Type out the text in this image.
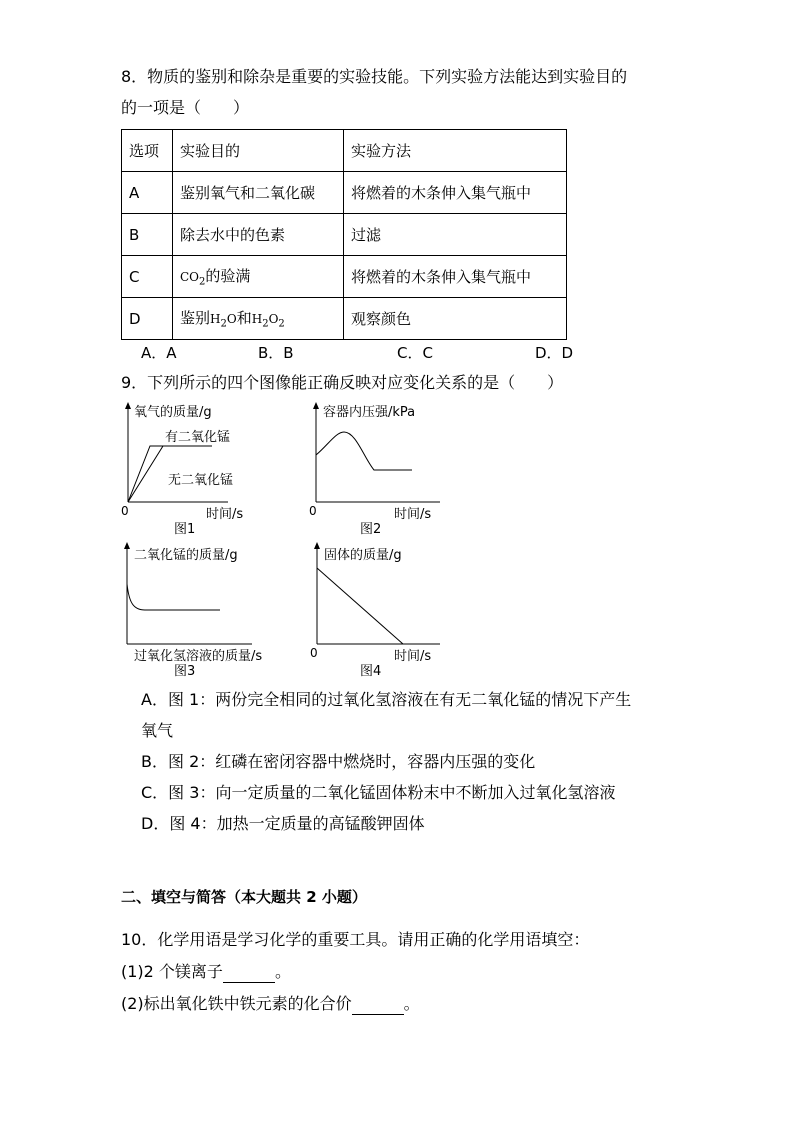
8．物质的鉴别和除杂是重要的实验技能。下列实验方法能达到实验目的
的一项是（　　）
选项	实验目的	实验方法
A	鉴别氧气和二氧化碳	将燃着的木条伸入集气瓶中
B	除去水中的色素	过滤
C	$CO_2$的验满	将燃着的木条伸入集气瓶中
D	鉴别$H_2O$和$H_2O_2$	观察颜色
A．A	B．B	C．C	D．D
9．下列所示的四个图像能正确反映对应变化关系的是（　　）
氧气的质量/g
有二氧化锰
无二氧化锰
0	时间/s
图1
容器内压强/kPa
0	时间/s
图2
二氧化锰的质量/g
过氧化氢溶液的质量/s
图3
固体的质量/g
0	时间/s
图4
A．图 1：两份完全相同的过氧化氢溶液在有无二氧化锰的情况下产生
氧气
B．图 2：红磷在密闭容器中燃烧时，容器内压强的变化
C．图 3：向一定质量的二氧化锰固体粉末中不断加入过氧化氢溶液
D．图 4：加热一定质量的高锰酸钾固体
二、填空与简答（本大题共 2 小题）
10．化学用语是学习化学的重要工具。请用正确的化学用语填空：
(1)2 个镁离子	。
(2)标出氧化铁中铁元素的化合价	。
